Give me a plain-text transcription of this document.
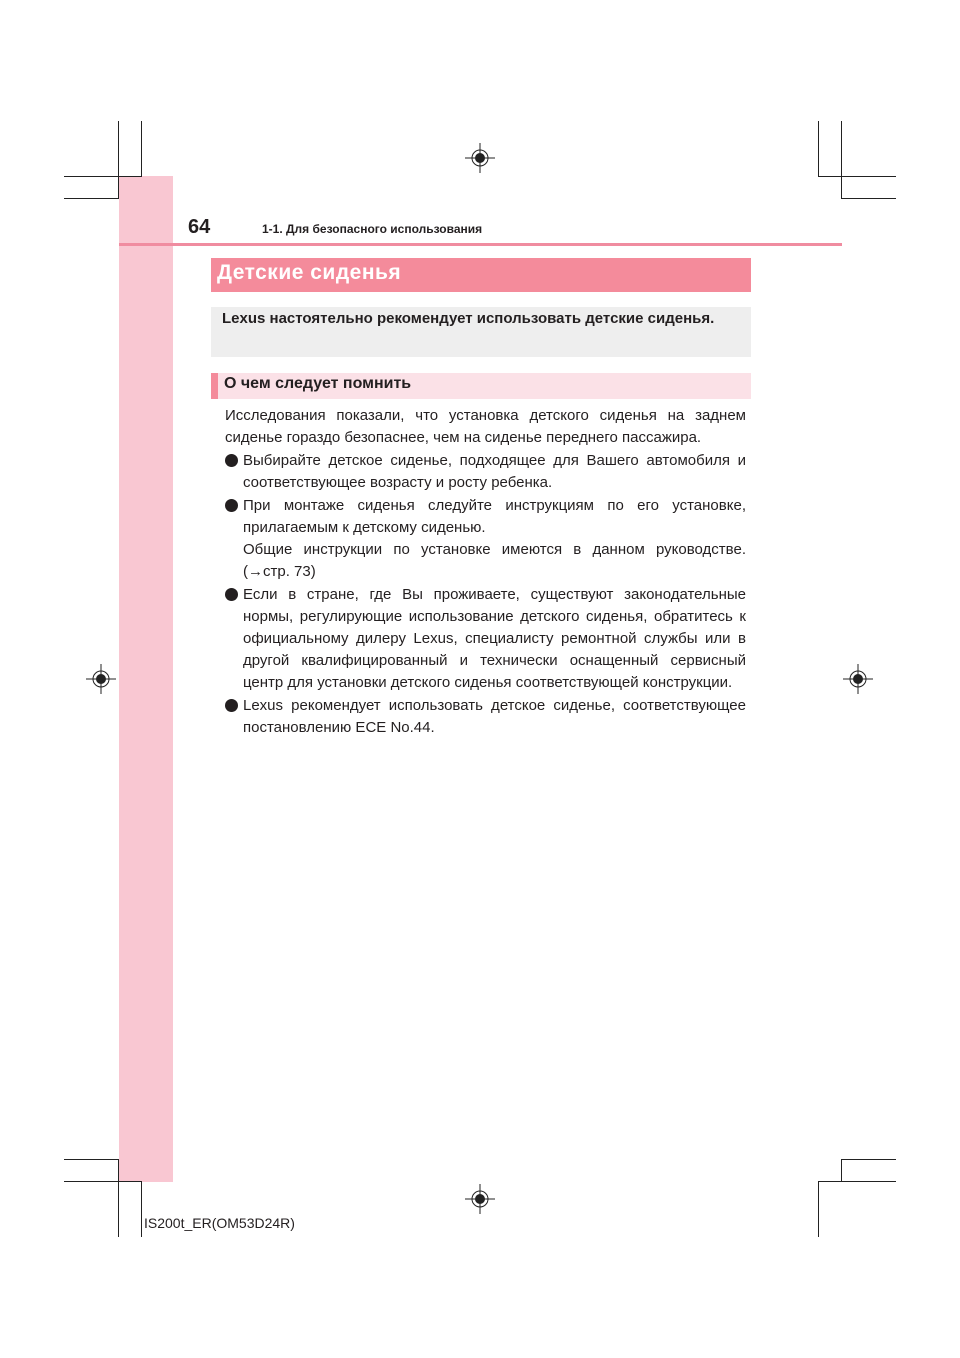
64	1-1. Для безопасного использования
Детские сиденья

Lexus настоятельно рекомендует использовать детские сиденья.

О чем следует помнить
Исследования показали, что установка детского сиденья на заднем сиденье гораздо безопаснее, чем на сиденье переднего пассажира.
Выбирайте детское сиденье, подходящее для Вашего автомобиля и соответствующее возрасту и росту ребенка.
При монтаже сиденья следуйте инструкциям по его установке, прилагаемым к детскому сиденью.
Общие инструкции по установке имеются в данном руководстве. (→стр. 73)
Если в стране, где Вы проживаете, существуют законодательные нормы, регулирующие использование детского сиденья, обратитесь к официальному дилеру Lexus, специалисту ремонтной службы или в другой квалифицированный и технически оснащенный сервисный центр для установки детского сиденья соответствующей конструкции.
Lexus рекомендует использовать детское сиденье, соответствующее постановлению ECE No.44.
IS200t_ER(OM53D24R)
